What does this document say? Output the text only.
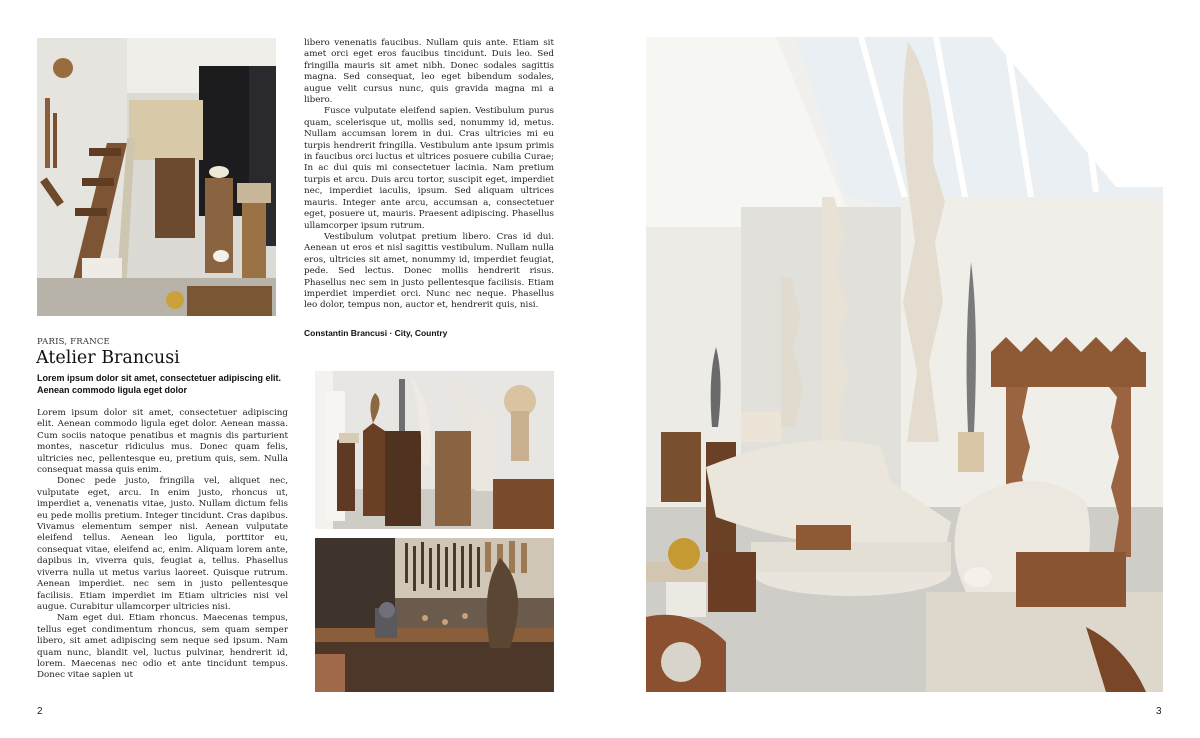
PARIS, FRANCE
Atelier Brancusi
Lorem ipsum dolor sit amet, consectetuer adipiscing elit. Aenean commodo ligula eget dolor

Lorem ipsum dolor sit amet, consectetuer adipiscing elit. Aenean commodo ligula eget dolor. Aenean massa. Cum sociis natoque penatibus et magnis dis parturient montes, nascetur ridiculus mus. Donec quam felis, ultricies nec, pellentesque eu, pretium quis, sem. Nulla consequat massa quis enim.

Donec pede justo, fringilla vel, aliquet nec, vulputate eget, arcu. In enim justo, rhoncus ut, imperdiet a, venenatis vitae, justo. Nullam dictum felis eu pede mollis pretium. Integer tincidunt. Cras dapibus. Vivamus elementum semper nisi. Aenean vulputate eleifend tellus. Aenean leo ligula, porttitor eu, consequat vitae, eleifend ac, enim. Aliquam lorem ante, dapibus in, viverra quis, feugiat a, tellus. Phasellus viverra nulla ut metus varius laoreet. Quisque rutrum. Aenean imperdiet. nec sem in justo pellentesque facilisis. Etiam imperdiet im Etiam ultricies nisi vel augue. Curabitur ullamcorper ultricies nisi.

Nam eget dui. Etiam rhoncus. Maecenas tempus, tellus eget condimentum rhoncus, sem quam semper libero, sit amet adipiscing sem neque sed ipsum. Nam quam nunc, blandit vel, luctus pulvinar, hendrerit id, lorem. Maecenas nec odio et ante tincidunt tempus. Donec vitae sapien ut

libero venenatis faucibus. Nullam quis ante. Etiam sit amet orci eget eros faucibus tincidunt. Duis leo. Sed fringilla mauris sit amet nibh. Donec sodales sagittis magna. Sed consequat, leo eget bibendum sodales, augue velit cursus nunc, quis gravida magna mi a libero.

Fusce vulputate eleifend sapien. Vestibulum purus quam, scelerisque ut, mollis sed, nonummy id, metus. Nullam accumsan lorem in dui. Cras ultricies mi eu turpis hendrerit fringilla. Vestibulum ante ipsum primis in faucibus orci luctus et ultrices posuere cubilia Curae; In ac dui quis mi consectetuer lacinia. Nam pretium turpis et arcu. Duis arcu tortor, suscipit eget, imperdiet nec, imperdiet iaculis, ipsum. Sed aliquam ultrices mauris. Integer ante arcu, accumsan a, consectetuer eget, posuere ut, mauris. Praesent adipiscing. Phasellus ullamcorper ipsum rutrum.

Vestibulum volutpat pretium libero. Cras id dui. Aenean ut eros et nisl sagittis vestibulum. Nullam nulla eros, ultricies sit amet, nonummy id, imperdiet feugiat, pede. Sed lectus. Donec mollis hendrerit risus. Phasellus nec sem in justo pellentesque facilisis. Etiam imperdiet imperdiet orci. Nunc nec neque. Phasellus leo dolor, tempus non, auctor et, hendrerit quis, nisi.

Constantin Brancusi · City, Country
2	3
